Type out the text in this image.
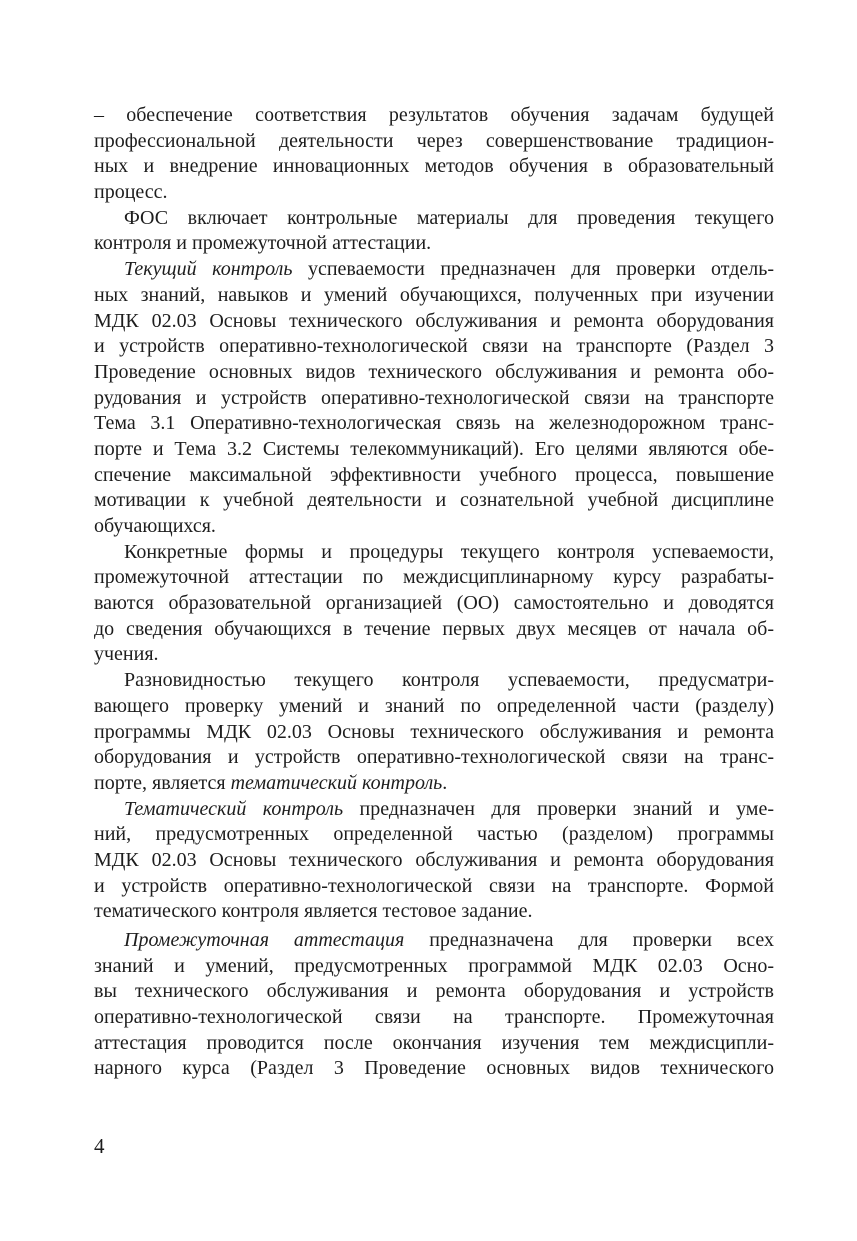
– обеспечение соответствия результатов обучения задачам будущей
профессиональной деятельности через совершенствование традицион-
ных и внедрение инновационных методов обучения в образовательный
процесс.
ФОС включает контрольные материалы для проведения текущего
контроля и промежуточной аттестации.
Текущий контроль успеваемости предназначен для проверки отдель-
ных знаний, навыков и умений обучающихся, полученных при изучении
МДК 02.03 Основы технического обслуживания и ремонта оборудования
и устройств оперативно-технологической связи на транспорте (Раздел 3
Проведение основных видов технического обслуживания и ремонта обо-
рудования и устройств оперативно-технологической связи на транспорте
Тема 3.1 Оперативно-технологическая связь на железнодорожном транс-
порте и Тема 3.2 Системы телекоммуникаций). Его целями являются обе-
спечение максимальной эффективности учебного процесса, повышение
мотивации к учебной деятельности и сознательной учебной дисциплине
обучающихся.
Конкретные формы и процедуры текущего контроля успеваемости,
промежуточной аттестации по междисциплинарному курсу разрабаты-
ваются образовательной организацией (ОО) самостоятельно и доводятся
до сведения обучающихся в течение первых двух месяцев от начала об-
учения.
Разновидностью текущего контроля успеваемости, предусматри-
вающего проверку умений и знаний по определенной части (разделу)
программы МДК 02.03 Основы технического обслуживания и ремонта
оборудования и устройств оперативно-технологической связи на транс-
порте, является тематический контроль.
Тематический контроль предназначен для проверки знаний и уме-
ний, предусмотренных определенной частью (разделом) программы
МДК 02.03 Основы технического обслуживания и ремонта оборудования
и устройств оперативно-технологической связи на транспорте. Формой
тематического контроля является тестовое задание.
Промежуточная аттестация предназначена для проверки всех
знаний и умений, предусмотренных программой МДК 02.03 Осно-
вы технического обслуживания и ремонта оборудования и устройств
оперативно-технологической связи на транспорте. Промежуточная
аттестация проводится после окончания изучения тем междисципли-
нарного курса (Раздел 3 Проведение основных видов технического
4
